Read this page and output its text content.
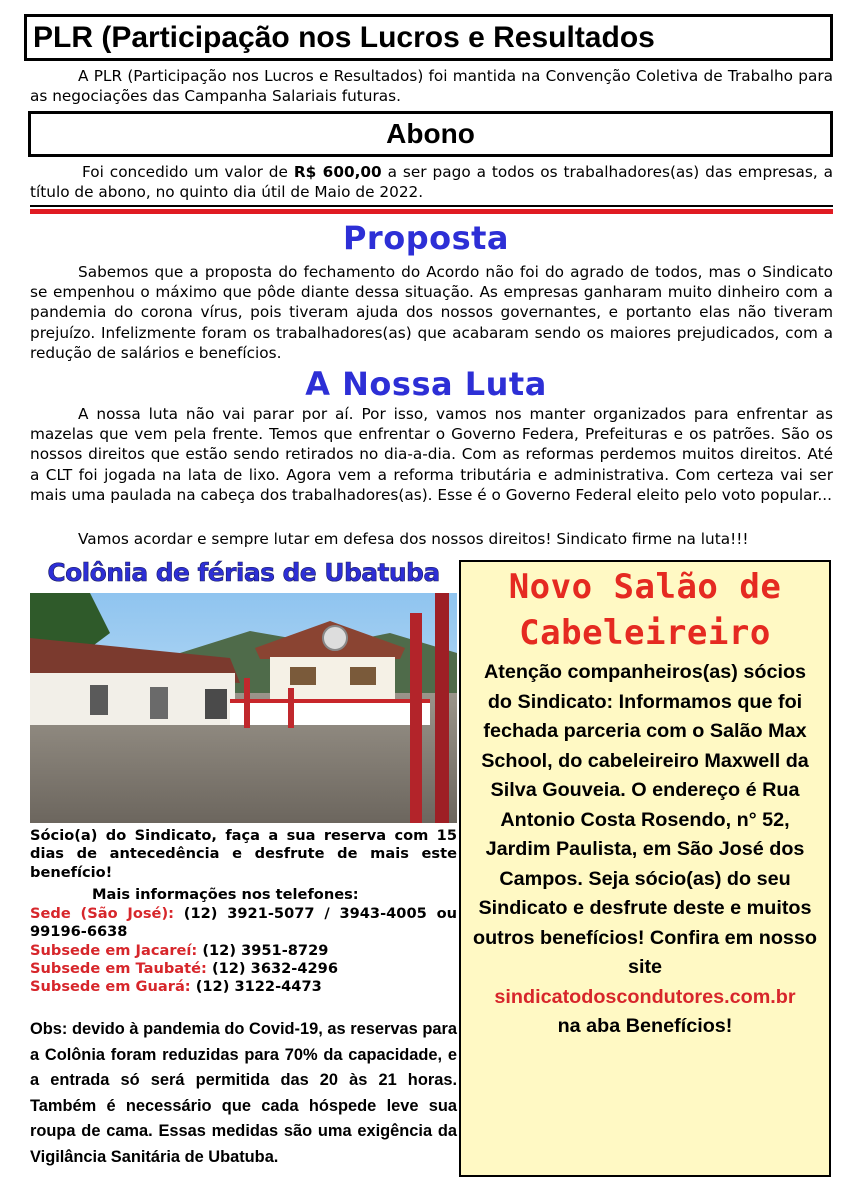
PLR (Participação nos Lucros e Resultados

A PLR (Participação nos Lucros e Resultados) foi mantida na Convenção Coletiva de Trabalho para as negociações das Campanha Salariais futuras.

Abono

Foi concedido um valor de R$ 600,00 a ser pago a todos os trabalhadores(as) das empresas, a título de abono, no quinto dia útil de Maio de 2022.

Proposta

Sabemos que a proposta do fechamento do Acordo não foi do agrado de todos, mas o Sindicato se empenhou o máximo que pôde diante dessa situação. As empresas ganharam muito dinheiro com a pandemia do corona vírus, pois tiveram ajuda dos nossos governantes, e portanto elas não tiveram prejuízo. Infelizmente foram os trabalhadores(as) que acabaram sendo os maiores prejudicados, com a redução de salários e benefícios.

A Nossa Luta

A nossa luta não vai parar por aí. Por isso, vamos nos manter organizados para enfrentar as mazelas que vem pela frente. Temos que enfrentar o Governo Federa, Prefeituras e os patrões. São os nossos direitos que estão sendo retirados no dia-a-dia. Com as reformas perdemos muitos direitos. Até a CLT foi jogada na lata de lixo. Agora vem a reforma tributária e administrativa. Com certeza vai ser mais uma paulada na cabeça dos trabalhadores(as). Esse é o Governo Federal eleito pelo voto popular...

Vamos acordar e sempre lutar em defesa dos nossos direitos! Sindicato firme na luta!!!

Colônia de férias de Ubatuba
Sócio(a) do Sindicato, faça a sua reserva com 15 dias de antecedência e desfrute de mais este benefício!
Mais informações nos telefones:
Sede (São José): (12) 3921-5077 / 3943-4005 ou 99196-6638
Subsede em Jacareí: (12) 3951-8729
Subsede em Taubaté: (12) 3632-4296
Subsede em Guará: (12) 3122-4473
Obs: devido à pandemia do Covid-19, as reservas para a Colônia foram reduzidas para 70% da capacidade, e a entrada só será permitida das 20 às 21 horas. Também é necessário que cada hóspede leve sua roupa de cama. Essas medidas são uma exigência da Vigilância Sanitária de Ubatuba.
Novo Salão de
Cabeleireiro
Atenção companheiros(as) sócios do Sindicato: Informamos que foi fechada parceria com o Salão Max School, do cabeleireiro Maxwell da Silva Gouveia. O endereço é Rua Antonio Costa Rosendo, n° 52, Jardim Paulista, em São José dos Campos. Seja sócio(as) do seu Sindicato e desfrute deste e muitos outros benefícios! Confira em nosso site
sindicatodoscondutores.com.br
na aba Benefícios!
